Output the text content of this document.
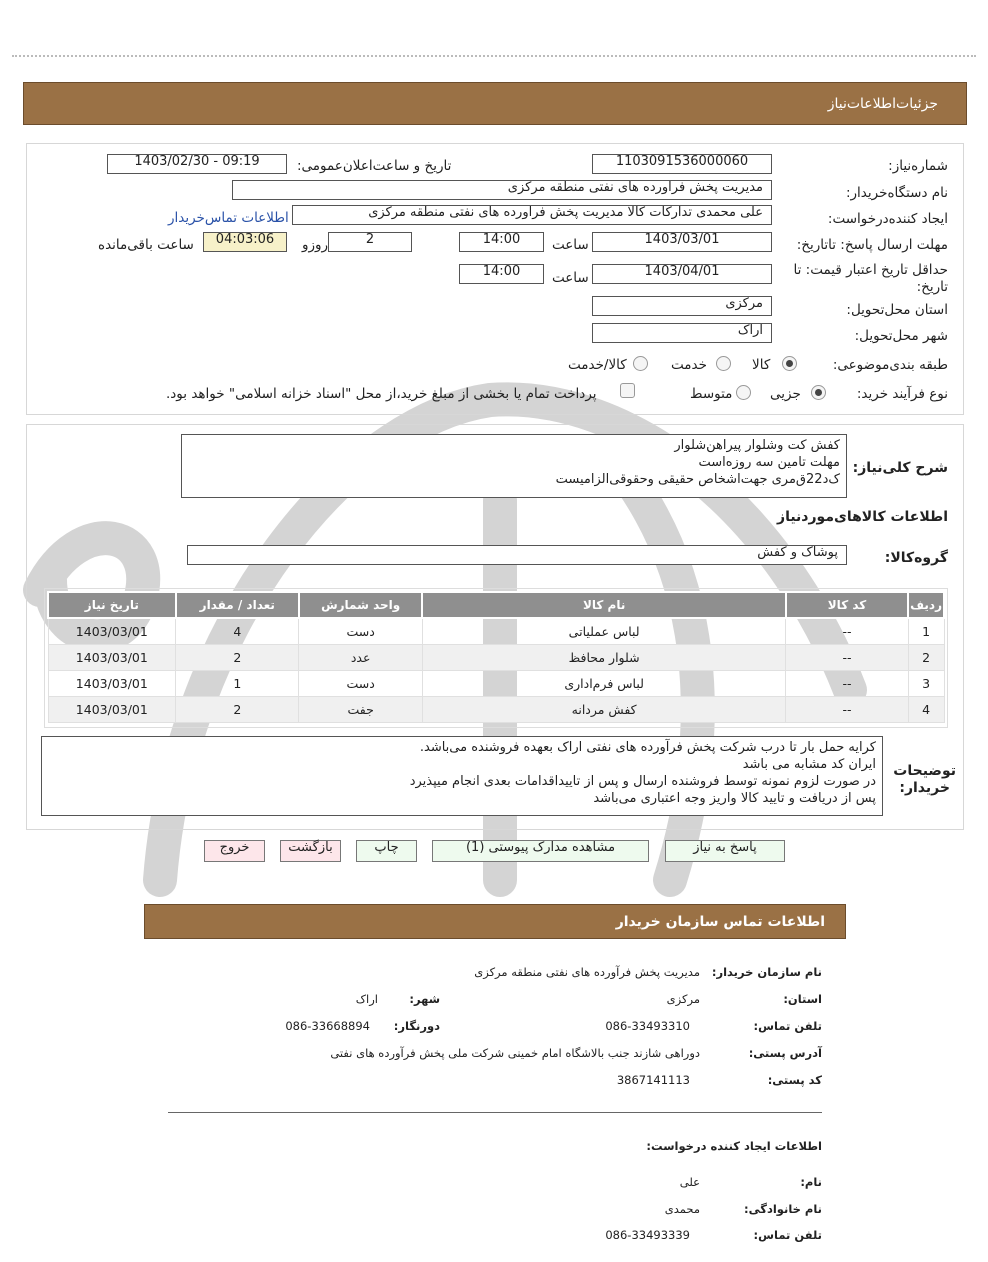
جزئیات‌اطلاعات‌نیاز
شماره‌نیاز:
1103091536000060
تاریخ و ساعت‌اعلان‌عمومی:
1403/02/30 - 09:19
نام دستگاه‌خریدار:
مدیریت پخش فراورده های نفتی منطقه مرکزی
ایجاد کننده‌درخواست:
علی محمدی تداركات کالا مدیریت پخش فراورده های نفتی منطقه مرکزی
اطلاعات تماس‌خریدار
مهلت ارسال پاسخ: تاتاریخ:
1403/03/01
ساعت
14:00
2
روزو
04:03:06
ساعت باقی‌مانده
حداقل تاریخ اعتبار قیمت: تا تاریخ:
1403/04/01
ساعت
14:00
استان محل‌تحویل:
مرکزی
شهر محل‌تحویل:
اراک
طبقه بندی‌موضوعی:
کالا
خدمت
کالا/خدمت
نوع فرآیند خرید:
جزیی
متوسط
پرداخت تمام یا بخشی از مبلغ خرید،از محل "اسناد خزانه اسلامی" خواهد بود.
شرح کلی‌نیاز:
کفش کت وشلوار پیراهن‌شلوار
مهلت تامین سه روزه‌است
ک‌د22ق‌مری جهت‌اشخاص حقیقی وحقوقی‌الزامیست
اطلاعات کالاهای‌موردنیاز
گروه‌کالا:
پوشاک و کفش
ردیف	کد کالا	نام کالا	واحد شمارش	تعداد / مقدار	تاریخ نیاز
1	--	لباس عملیاتی	دست	4	1403/03/01
2	--	شلوار محافظ	عدد	2	1403/03/01
3	--	لباس فرم‌اداری	دست	1	1403/03/01
4	--	کفش مردانه	جفت	2	1403/03/01
توضیحات
خریدار:
کرایه حمل بار تا درب شرکت پخش فرآورده های نفتی اراک بعهده فروشنده می‌باشد.
ایران کد مشابه می باشد
در صورت لزوم نمونه توسط فروشنده ارسال و پس از تاییداقدامات بعدی انجام میپذیرد
پس از دریافت و تایید کالا واریز وجه اعتباری می‌باشد
پاسخ به نیاز
مشاهده مدارک پیوستی (1)
چاپ
بازگشت
خروج
اطلاعات تماس سازمان خریدار
نام سازمان خریدار:
مدیریت پخش فرآورده های نفتی منطقه مرکزی
استان:
مرکزی
شهر:
اراک
تلفن تماس:
086-33493310
دورنگار:
086-33668894
آدرس پستی:
دوراهی شازند جنب بالاشگاه امام خمینی شرکت ملی پخش فرآورده های نفتی
کد پستی:
3867141113
اطلاعات ایجاد کننده درخواست:
نام:
علی
نام خانوادگی:
محمدی
تلفن تماس:
086-33493339
